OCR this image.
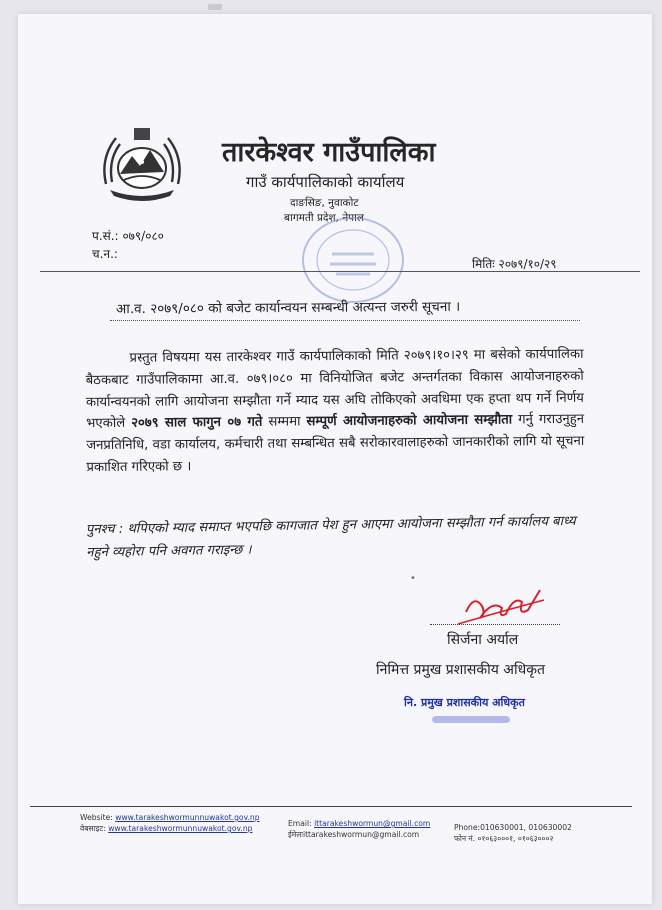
तारकेश्वर गाउँपालिका
गाउँ कार्यपालिकाको कार्यालय
दाङसिङ, नुवाकोट
बागमती प्रदेश, नेपाल
प.सं.: ०७९/०८०
च.न.:
मितिः २०७९/१०/२९
आ.व. २०७९/०८० को बजेट कार्यान्वयन सम्बन्धी अत्यन्त जरुरी सूचना ।

प्रस्तुत विषयमा यस तारकेश्वर गाउँ कार्यपालिकाको मिति २०७९।१०।२९ मा बसेको कार्यपालिका बैठकबाट गाउँपालिकामा आ.व. ०७९।०८० मा विनियोजित बजेट अन्तर्गतका विकास आयोजनाहरुको कार्यान्वयनको लागि आयोजना सम्झौता गर्ने म्याद यस अघि तोकिएको अवधिमा एक हप्ता थप गर्ने निर्णय भएकोले २०७९ साल फागुन ०७ गते सम्ममा सम्पूर्ण आयोजनाहरुको आयोजना सम्झौता गर्नु गराउनुहुन जनप्रतिनिधि, वडा कार्यालय, कर्मचारी तथा सम्बन्धित सबै सरोकारवालाहरुको जानकारीको लागि यो सूचना प्रकाशित गरिएको छ ।

पुनश्च : थपिएको म्याद समाप्त भएपछि कागजात पेश हुन आएमा आयोजना सम्झौता गर्न कार्यालय बाध्य नहुने व्यहोरा पनि अवगत गराइन्छ ।
•
सिर्जना अर्याल
निमित्त प्रमुख प्रशासकीय अधिकृत
नि. प्रमुख प्रशासकीय अधिकृत
Website: www.tarakeshwormunnuwakot.gov.np
वेबसाइट: www.tarakeshwormunnuwakot.gov.np
Email: ittarakeshwormun@gmail.com
ईमेलःittarakeshwormun@gmail.com
Phone:010630001, 010630002
फोन नं. ०१०६३०००१, ०१०६३०००२
